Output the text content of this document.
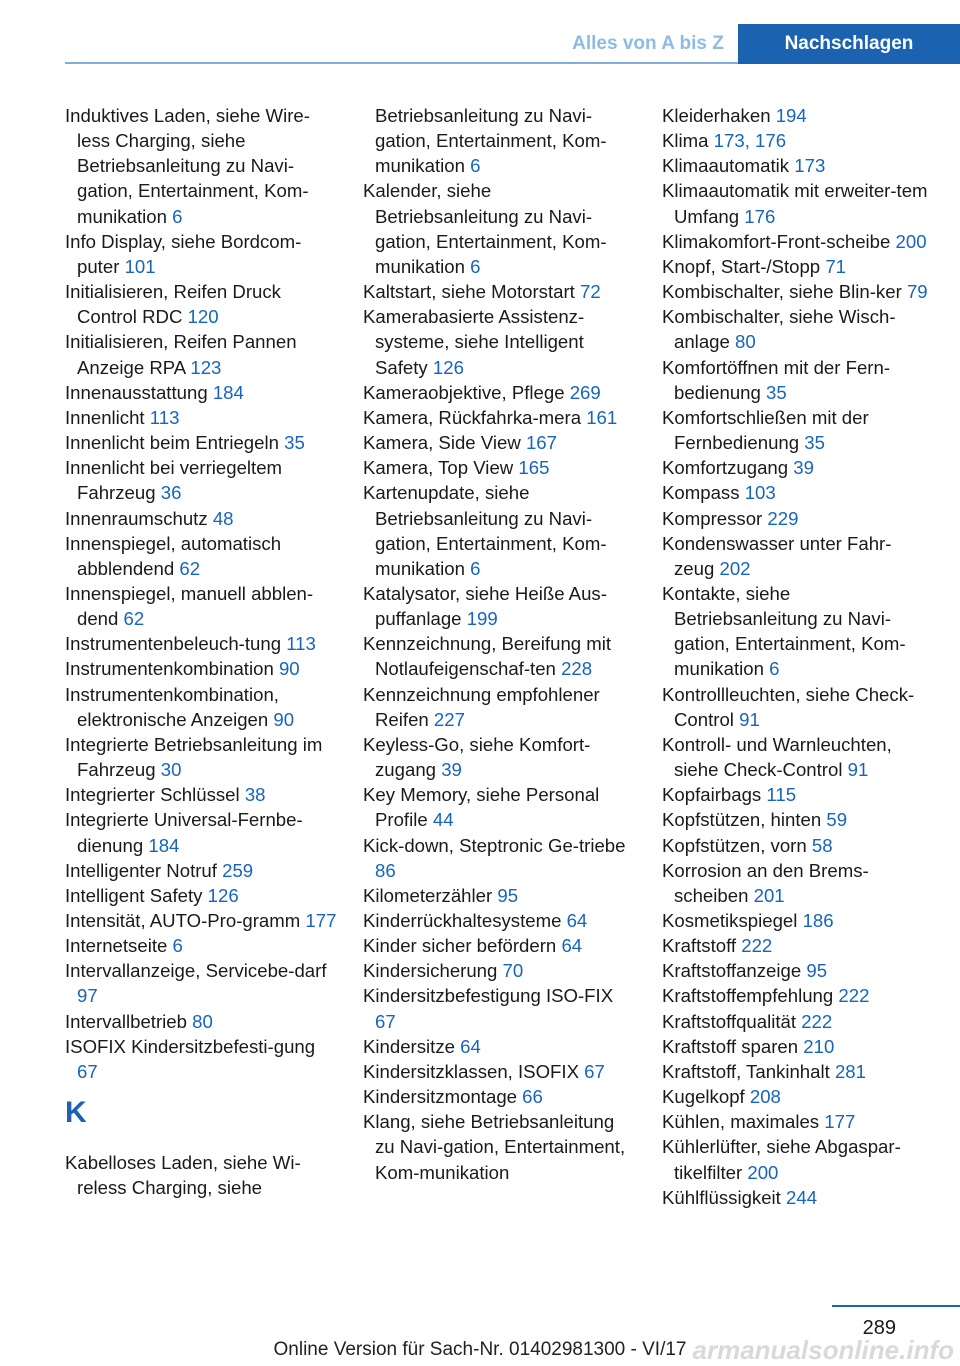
Alles von A bis Z	Nachschlagen
Induktives Laden, siehe Wire-less Charging, siehe Betriebsanleitung zu Navi-gation, Entertainment, Kom-munikation 6
Info Display, siehe Bordcom-puter 101
Initialisieren, Reifen Druck Control RDC 120
Initialisieren, Reifen Pannen Anzeige RPA 123
Innenausstattung 184
Innenlicht 113
Innenlicht beim Entriegeln 35
Innenlicht bei verriegeltem Fahrzeug 36
Innenraumschutz 48
Innenspiegel, automatisch abblendend 62
Innenspiegel, manuell abblen-dend 62
Instrumentenbeleuch-tung 113
Instrumentenkombination 90
Instrumentenkombination, elektronische Anzeigen 90
Integrierte Betriebsanleitung im Fahrzeug 30
Integrierter Schlüssel 38
Integrierte Universal-Fernbe-dienung 184
Intelligenter Notruf 259
Intelligent Safety 126
Intensität, AUTO-Pro-gramm 177
Internetseite 6
Intervallanzeige, Servicebe-darf 97
Intervallbetrieb 80
ISOFIX Kindersitzbefesti-gung 67
K
Kabelloses Laden, siehe Wi-reless Charging, siehe
Betriebsanleitung zu Navi-gation, Entertainment, Kom-munikation 6
Kalender, siehe Betriebsanleitung zu Navi-gation, Entertainment, Kom-munikation 6
Kaltstart, siehe Motorstart 72
Kamerabasierte Assistenz-systeme, siehe Intelligent Safety 126
Kameraobjektive, Pflege 269
Kamera, Rückfahrka-mera 161
Kamera, Side View 167
Kamera, Top View 165
Kartenupdate, siehe Betriebsanleitung zu Navi-gation, Entertainment, Kom-munikation 6
Katalysator, siehe Heiße Aus-puffanlage 199
Kennzeichnung, Bereifung mit Notlaufeigenschaf-ten 228
Kennzeichnung empfohlener Reifen 227
Keyless-Go, siehe Komfort-zugang 39
Key Memory, siehe Personal Profile 44
Kick-down, Steptronic Ge-triebe 86
Kilometerzähler 95
Kinderrückhaltesysteme 64
Kinder sicher befördern 64
Kindersicherung 70
Kindersitzbefestigung ISO-FIX 67
Kindersitze 64
Kindersitzklassen, ISOFIX 67
Kindersitzmontage 66
Klang, siehe Betriebsanleitung zu Navi-gation, Entertainment, Kom-munikation
Kleiderhaken 194
Klima 173, 176
Klimaautomatik 173
Klimaautomatik mit erweiter-tem Umfang 176
Klimakomfort-Front-scheibe 200
Knopf, Start-/Stopp 71
Kombischalter, siehe Blin-ker 79
Kombischalter, siehe Wisch-anlage 80
Komfortöffnen mit der Fern-bedienung 35
Komfortschließen mit der Fernbedienung 35
Komfortzugang 39
Kompass 103
Kompressor 229
Kondenswasser unter Fahr-zeug 202
Kontakte, siehe Betriebsanleitung zu Navi-gation, Entertainment, Kom-munikation 6
Kontrollleuchten, siehe Check-Control 91
Kontroll- und Warnleuchten, siehe Check-Control 91
Kopfairbags 115
Kopfstützen, hinten 59
Kopfstützen, vorn 58
Korrosion an den Brems-scheiben 201
Kosmetikspiegel 186
Kraftstoff 222
Kraftstoffanzeige 95
Kraftstoffempfehlung 222
Kraftstoffqualität 222
Kraftstoff sparen 210
Kraftstoff, Tankinhalt 281
Kugelkopf 208
Kühlen, maximales 177
Kühlerlüfter, siehe Abgaspar-tikelfilter 200
Kühlflüssigkeit 244
289
Online Version für Sach-Nr. 01402981300 - VI/17 armanualsonline.info
